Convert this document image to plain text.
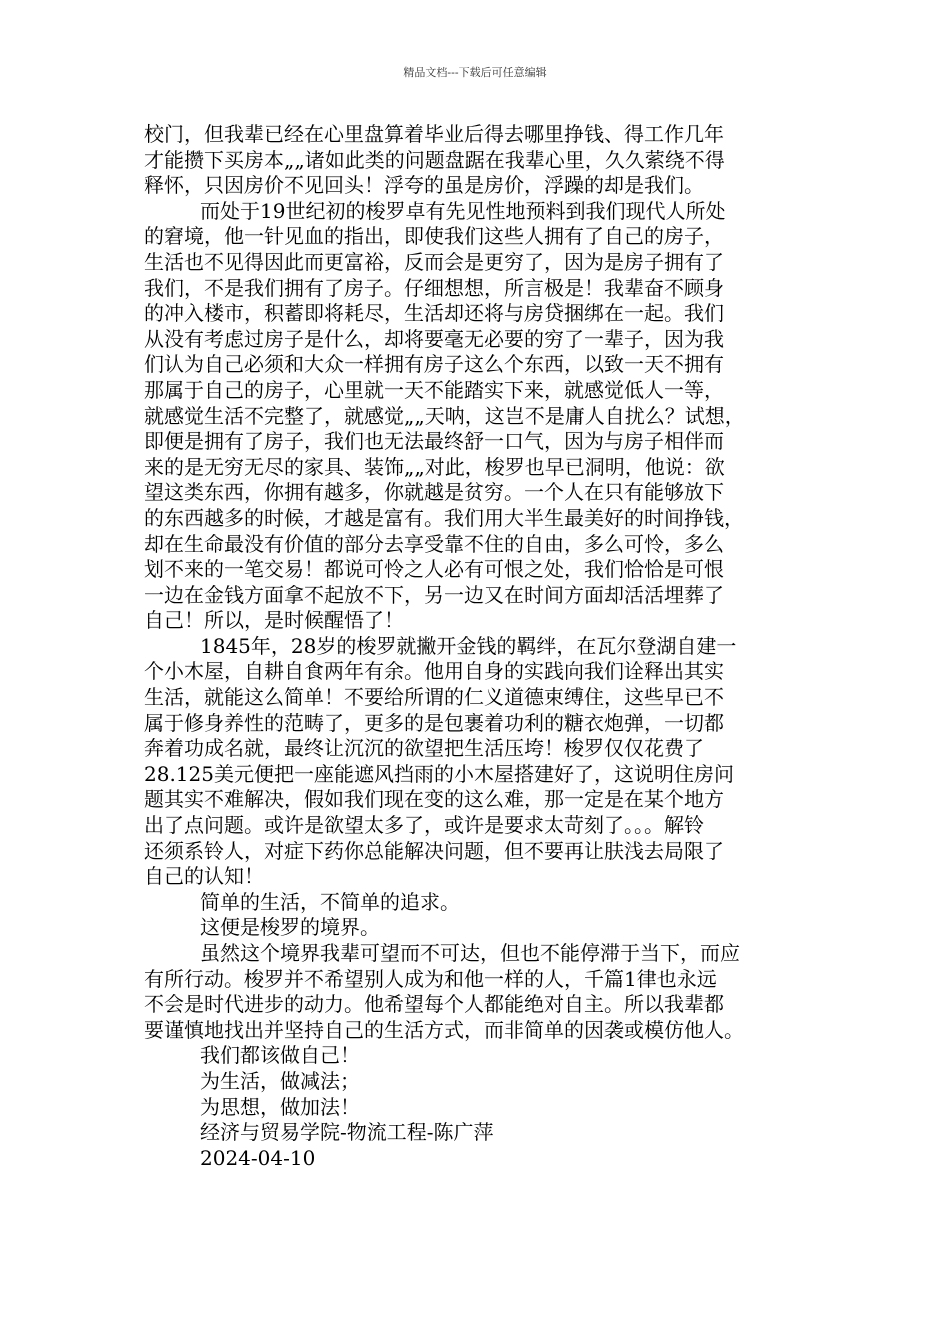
精品文档---下载后可任意编辑

校门，但我辈已经在心里盘算着毕业后得去哪里挣钱、得工作几年

才能攒下买房本„„诸如此类的问题盘踞在我辈心里，久久萦绕不得

释怀，只因房价不见回头！浮夸的虽是房价，浮躁的却是我们。

而处于19世纪初的梭罗卓有先见性地预料到我们现代人所处

的窘境，他一针见血的指出，即使我们这些人拥有了自己的房子，

生活也不见得因此而更富裕，反而会是更穷了，因为是房子拥有了

我们，不是我们拥有了房子。仔细想想，所言极是！我辈奋不顾身

的冲入楼市，积蓄即将耗尽，生活却还将与房贷捆绑在一起。我们

从没有考虑过房子是什么，却将要毫无必要的穷了一辈子，因为我

们认为自己必须和大众一样拥有房子这么个东西，以致一天不拥有

那属于自己的房子，心里就一天不能踏实下来，就感觉低人一等，

就感觉生活不完整了，就感觉„„天呐，这岂不是庸人自扰么？试想，

即便是拥有了房子，我们也无法最终舒一口气，因为与房子相伴而

来的是无穷无尽的家具、装饰„„对此，梭罗也早已洞明，他说：欲

望这类东西，你拥有越多，你就越是贫穷。一个人在只有能够放下

的东西越多的时候，才越是富有。我们用大半生最美好的时间挣钱，

却在生命最没有价值的部分去享受靠不住的自由，多么可怜，多么

划不来的一笔交易！都说可怜之人必有可恨之处，我们恰恰是可恨

一边在金钱方面拿不起放不下，另一边又在时间方面却活活埋葬了

自己！所以，是时候醒悟了！

1845年，28岁的梭罗就撇开金钱的羁绊，在瓦尔登湖自建一

个小木屋，自耕自食两年有余。他用自身的实践向我们诠释出其实

生活，就能这么简单！不要给所谓的仁义道德束缚住，这些早已不

属于修身养性的范畴了，更多的是包裹着功利的糖衣炮弹，一切都

奔着功成名就，最终让沉沉的欲望把生活压垮！梭罗仅仅花费了

28.125美元便把一座能遮风挡雨的小木屋搭建好了，这说明住房问

题其实不难解决，假如我们现在变的这么难，那一定是在某个地方

出了点问题。或许是欲望太多了，或许是要求太苛刻了。。。解铃

还须系铃人，对症下药你总能解决问题，但不要再让肤浅去局限了

自己的认知！

简单的生活，不简单的追求。

这便是梭罗的境界。

虽然这个境界我辈可望而不可达，但也不能停滞于当下，而应

有所行动。梭罗并不希望别人成为和他一样的人，千篇1律也永远

不会是时代进步的动力。他希望每个人都能绝对自主。所以我辈都

要谨慎地找出并坚持自己的生活方式，而非简单的因袭或模仿他人。

我们都该做自己！

为生活，做减法；

为思想，做加法！

经济与贸易学院-物流工程-陈广萍

2024-04-10
